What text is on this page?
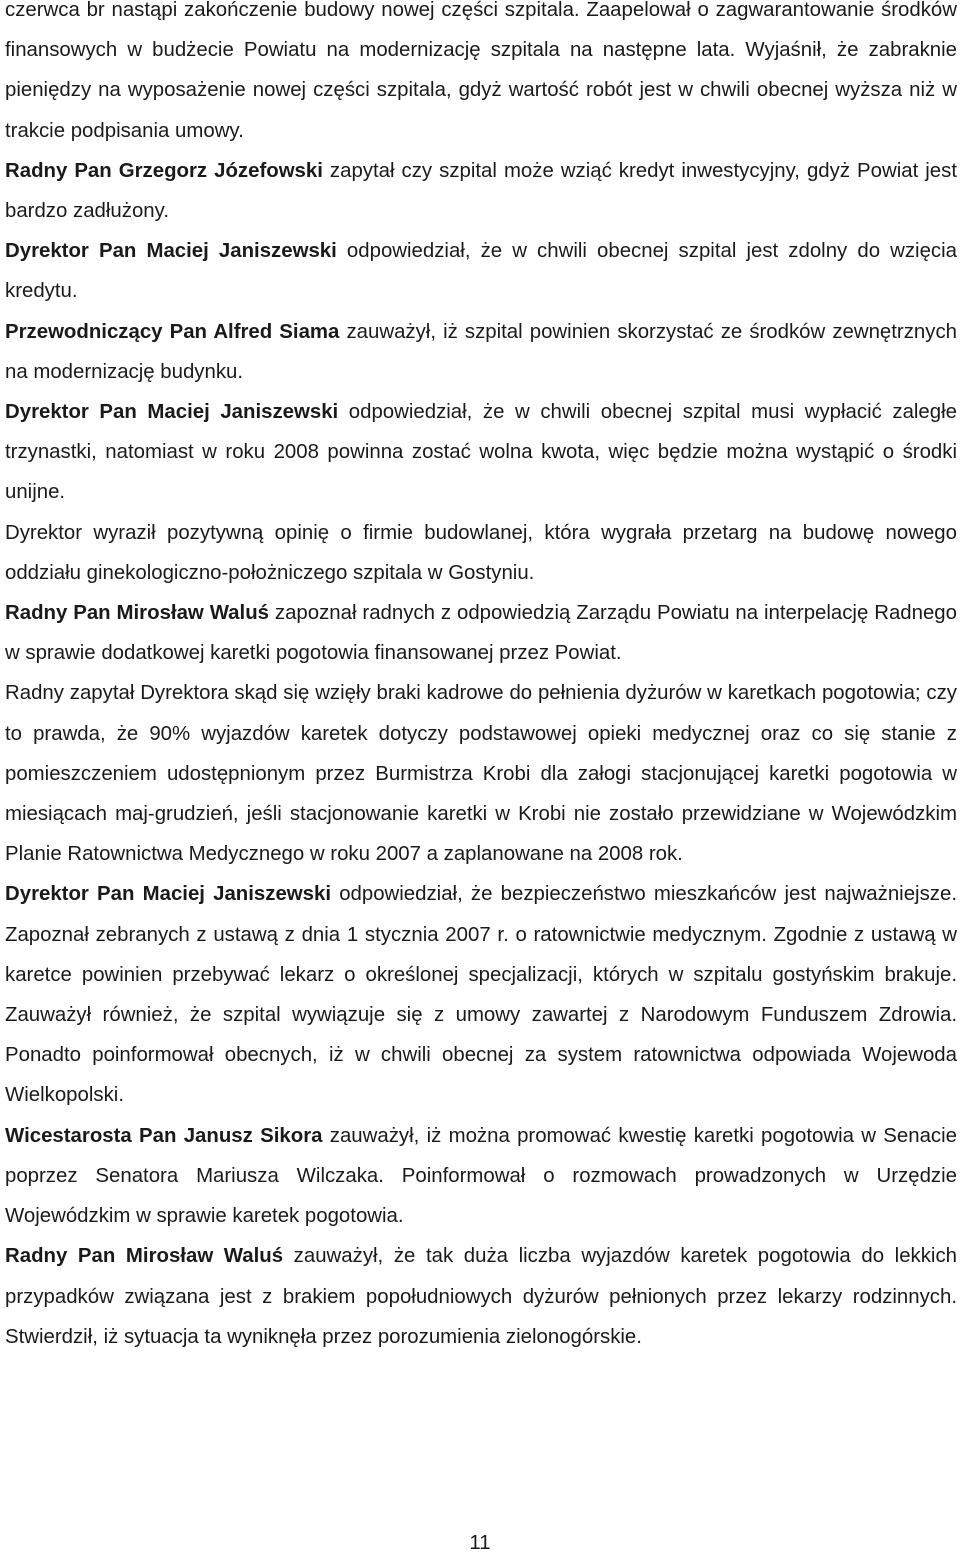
czerwca br nastąpi zakończenie budowy nowej części szpitala. Zaapelował o zagwarantowanie środków finansowych w budżecie Powiatu na modernizację szpitala na następne lata. Wyjaśnił, że zabraknie pieniędzy na wyposażenie nowej części szpitala, gdyż wartość robót jest w chwili obecnej wyższa niż w trakcie podpisania umowy.

Radny Pan Grzegorz Józefowski zapytał czy szpital może wziąć kredyt inwestycyjny, gdyż Powiat jest bardzo zadłużony.

Dyrektor Pan Maciej Janiszewski odpowiedział, że w chwili obecnej szpital jest zdolny do wzięcia kredytu.

Przewodniczący Pan Alfred Siama zauważył, iż szpital powinien skorzystać ze środków zewnętrznych na modernizację budynku.

Dyrektor Pan Maciej Janiszewski odpowiedział, że w chwili obecnej szpital musi wypłacić zaległe trzynastki, natomiast w roku 2008 powinna zostać wolna kwota, więc będzie można wystąpić o środki unijne.

Dyrektor wyraził pozytywną opinię o firmie budowlanej, która wygrała przetarg na budowę nowego oddziału ginekologiczno-położniczego szpitala w Gostyniu.

Radny Pan Mirosław Waluś zapoznał radnych z odpowiedzią Zarządu Powiatu na interpelację Radnego w sprawie dodatkowej karetki pogotowia finansowanej przez Powiat.

Radny zapytał Dyrektora skąd się wzięły braki kadrowe do pełnienia dyżurów w karetkach pogotowia; czy to prawda, że 90% wyjazdów karetek dotyczy podstawowej opieki medycznej oraz co się stanie z pomieszczeniem udostępnionym przez Burmistrza Krobi dla załogi stacjonującej karetki pogotowia w miesiącach maj-grudzień, jeśli stacjonowanie karetki w Krobi nie zostało przewidziane w Wojewódzkim Planie Ratownictwa Medycznego w roku 2007 a zaplanowane na 2008 rok.

Dyrektor Pan Maciej Janiszewski odpowiedział, że bezpieczeństwo mieszkańców jest najważniejsze. Zapoznał zebranych z ustawą z dnia 1 stycznia 2007 r. o ratownictwie medycznym. Zgodnie z ustawą w karetce powinien przebywać lekarz o określonej specjalizacji, których w szpitalu gostyńskim brakuje. Zauważył również, że szpital wywiązuje się z umowy zawartej z Narodowym Funduszem Zdrowia. Ponadto poinformował obecnych, iż w chwili obecnej za system ratownictwa odpowiada Wojewoda Wielkopolski.

Wicestarosta Pan Janusz Sikora zauważył, iż można promować kwestię karetki pogotowia w Senacie poprzez Senatora Mariusza Wilczaka. Poinformował o rozmowach prowadzonych w Urzędzie Wojewódzkim w sprawie karetek pogotowia.

Radny Pan Mirosław Waluś zauważył, że tak duża liczba wyjazdów karetek pogotowia do lekkich przypadków związana jest z brakiem popołudniowych dyżurów pełnionych przez lekarzy rodzinnych. Stwierdził, iż sytuacja ta wyniknęła przez porozumienia zielonogórskie.

11
